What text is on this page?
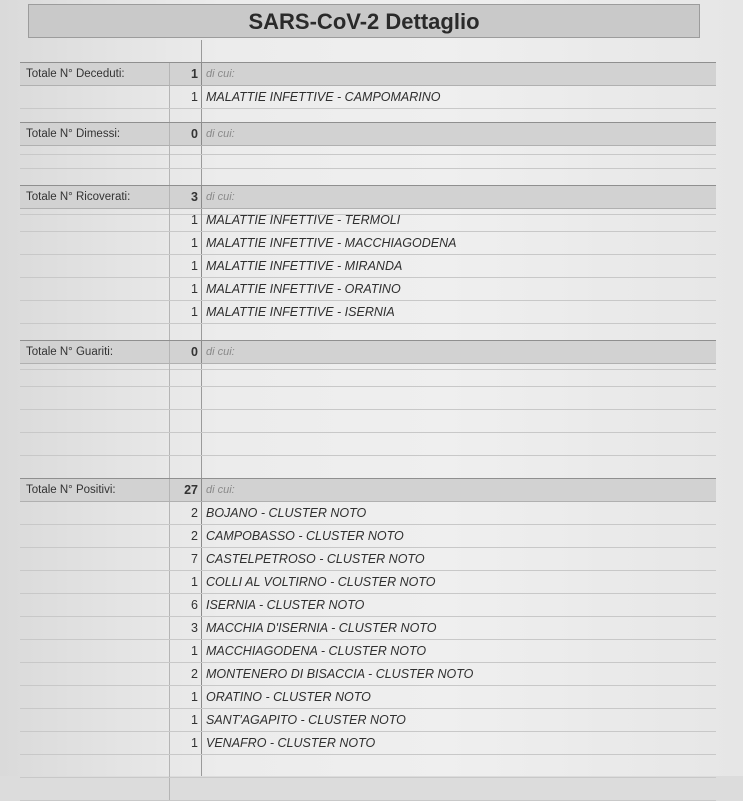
SARS-CoV-2 Dettaglio
Totale N° Deceduti:	1 di cui:
1 MALATTIE INFETTIVE - CAMPOMARINO
Totale N° Dimessi:	0 di cui:
Totale N° Ricoverati:	3 di cui:
1 MALATTIE INFETTIVE - TERMOLI
1 MALATTIE INFETTIVE - MACCHIAGODENA
1 MALATTIE INFETTIVE - MIRANDA
1 MALATTIE INFETTIVE - ORATINO
1 MALATTIE INFETTIVE - ISERNIA
Totale N° Guariti:	0 di cui:
Totale N° Positivi:	27 di cui:
2 BOJANO - CLUSTER NOTO
2 CAMPOBASSO - CLUSTER NOTO
7 CASTELPETROSO - CLUSTER NOTO
1 COLLI AL VOLTIRNO - CLUSTER NOTO
6 ISERNIA - CLUSTER NOTO
3 MACCHIA D'ISERNIA - CLUSTER NOTO
1 MACCHIAGODENA - CLUSTER NOTO
2 MONTENERO DI BISACCIA - CLUSTER NOTO
1 ORATINO - CLUSTER NOTO
1 SANT'AGAPITO - CLUSTER NOTO
1 VENAFRO - CLUSTER NOTO
